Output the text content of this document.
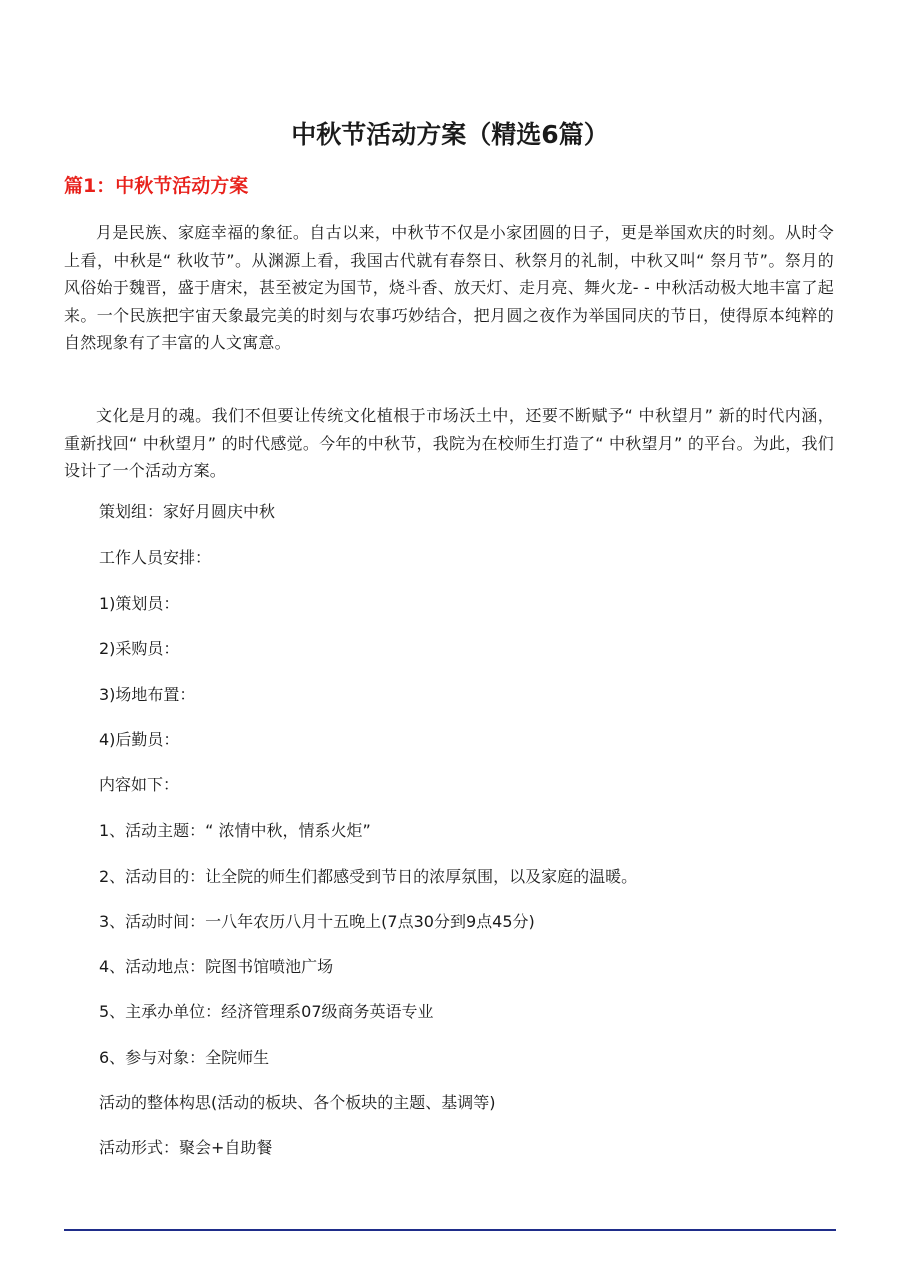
中秋节活动方案（精选6篇）
篇1：中秋节活动方案

月是民族、家庭幸福的象征。自古以来，中秋节不仅是小家团圆的日子，更是举国欢庆的时刻。从时令上看，中秋是“ 秋收节”。从渊源上看，我国古代就有春祭日、秋祭月的礼制，中秋又叫“ 祭月节”。祭月的风俗始于魏晋，盛于唐宋，甚至被定为国节，烧斗香、放天灯、走月亮、舞火龙- - 中秋活动极大地丰富了起来。一个民族把宇宙天象最完美的时刻与农事巧妙结合，把月圆之夜作为举国同庆的节日，使得原本纯粹的自然现象有了丰富的人文寓意。

文化是月的魂。我们不但要让传统文化植根于市场沃土中，还要不断赋予“ 中秋望月” 新的时代内涵，重新找回“ 中秋望月” 的时代感觉。今年的中秋节，我院为在校师生打造了“ 中秋望月” 的平台。为此，我们设计了一个活动方案。

策划组：家好月圆庆中秋

工作人员安排：

1)策划员：

2)采购员：

3)场地布置：

4)后勤员：

内容如下：

1、活动主题：“ 浓情中秋，情系火炬”

2、活动目的：让全院的师生们都感受到节日的浓厚氛围，以及家庭的温暖。

3、活动时间：一八年农历八月十五晚上(7点30分到9点45分)

4、活动地点：院图书馆喷池广场

5、主承办单位：经济管理系07级商务英语专业

6、参与对象：全院师生

活动的整体构思(活动的板块、各个板块的主题、基调等)

活动形式：聚会+自助餐
